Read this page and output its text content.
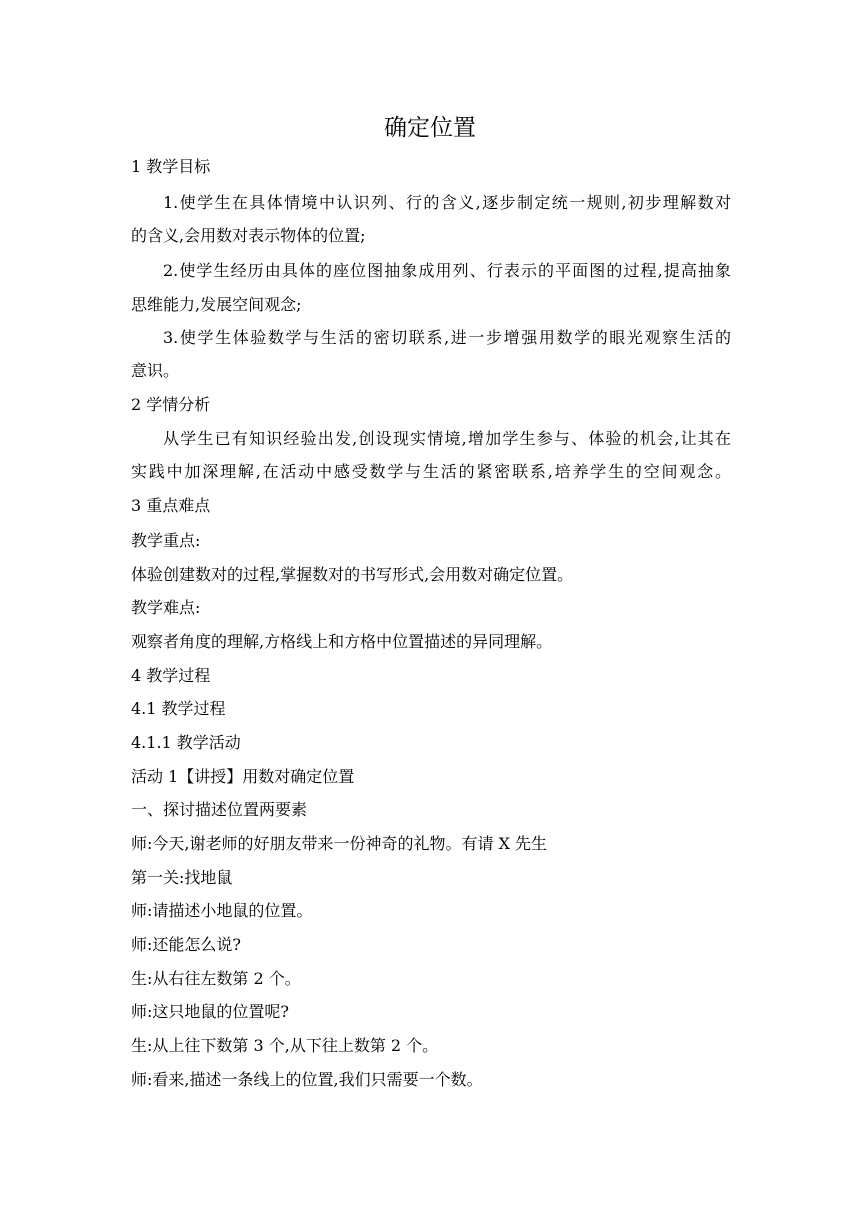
确定位置
1 教学目标
1.使学生在具体情境中认识列、行的含义,逐步制定统一规则,初步理解数对
的含义,会用数对表示物体的位置;
2.使学生经历由具体的座位图抽象成用列、行表示的平面图的过程,提高抽象
思维能力,发展空间观念;
3.使学生体验数学与生活的密切联系,进一步增强用数学的眼光观察生活的
意识。
2 学情分析
从学生已有知识经验出发,创设现实情境,增加学生参与、体验的机会,让其在
实践中加深理解,在活动中感受数学与生活的紧密联系,培养学生的空间观念。
3 重点难点
教学重点:
体验创建数对的过程,掌握数对的书写形式,会用数对确定位置。
教学难点:
观察者角度的理解,方格线上和方格中位置描述的异同理解。
4 教学过程
4.1 教学过程
4.1.1 教学活动
活动 1【讲授】用数对确定位置
一、探讨描述位置两要素
师:今天,谢老师的好朋友带来一份神奇的礼物。有请 X 先生
第一关:找地鼠
师:请描述小地鼠的位置。
师:还能怎么说?
生:从右往左数第 2 个。
师:这只地鼠的位置呢?
生:从上往下数第 3 个,从下往上数第 2 个。
师:看来,描述一条线上的位置,我们只需要一个数。
